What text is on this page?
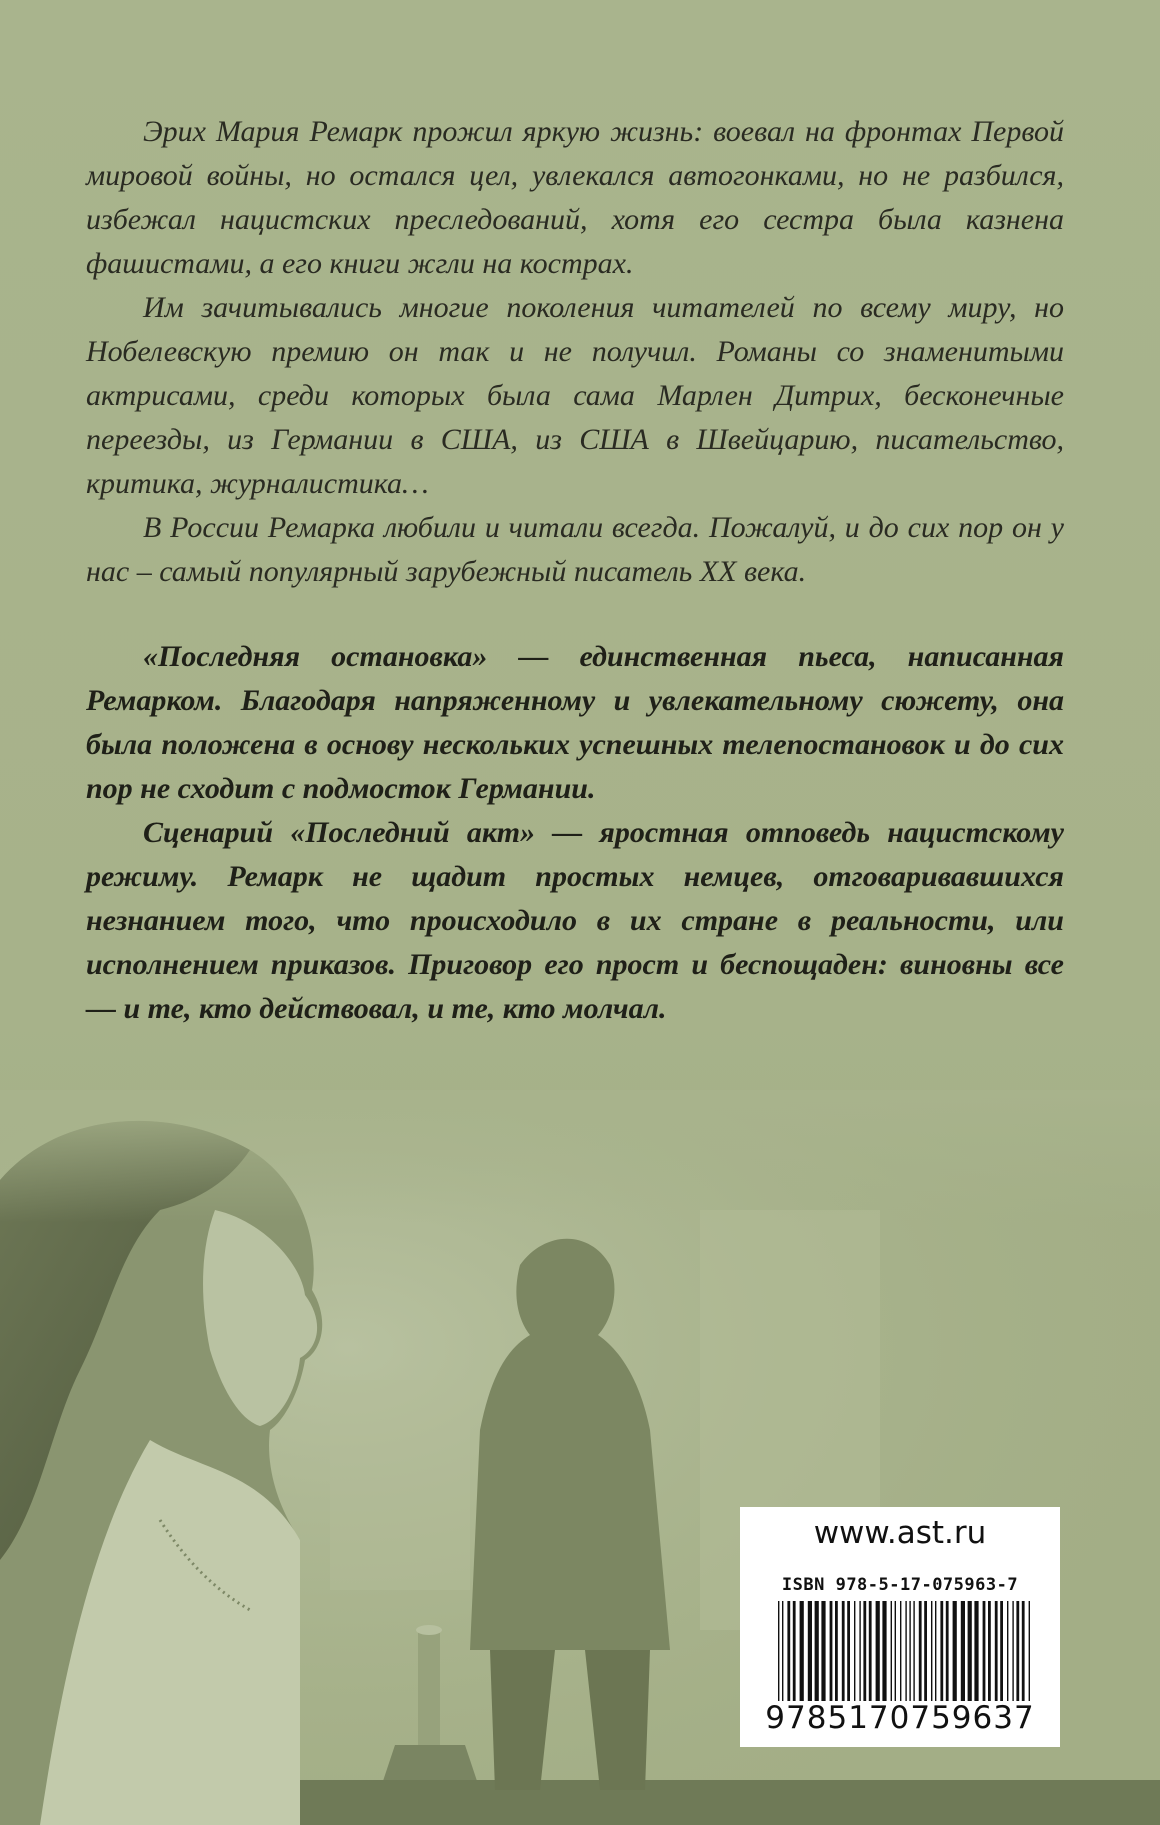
Эрих Мария Ремарк прожил яркую жизнь: воевал на фронтах Первой мировой войны, но остался цел, увлекался автогонками, но не разбился, избежал нацистских преследований, хотя его сестра была казнена фашистами, а его книги жгли на кострах.

Им зачитывались многие поколения читателей по всему миру, но Нобелевскую премию он так и не получил. Романы со знаменитыми актрисами, среди которых была сама Марлен Дитрих, бесконечные переезды, из Германии в США, из США в Швейцарию, писательство, критика, журналистика…

В России Ремарка любили и читали всегда. Пожалуй, и до сих пор он у нас – самый популярный зарубежный писатель XX века.

«Последняя остановка» — единственная пьеса, написанная Ремарком. Благодаря напряженному и увлекательному сюжету, она была положена в основу нескольких успешных телепостановок и до сих пор не сходит с подмосток Германии.

Сценарий «Последний акт» — яростная отповедь нацистскому режиму. Ремарк не щадит простых немцев, отговаривавшихся незнанием того, что происходило в их стране в реальности, или исполнением приказов. Приговор его прост и беспощаден: виновны все — и те, кто действовал, и те, кто молчал.

www.ast.ru
ISBN 978-5-17-075963-7
9785170759637
